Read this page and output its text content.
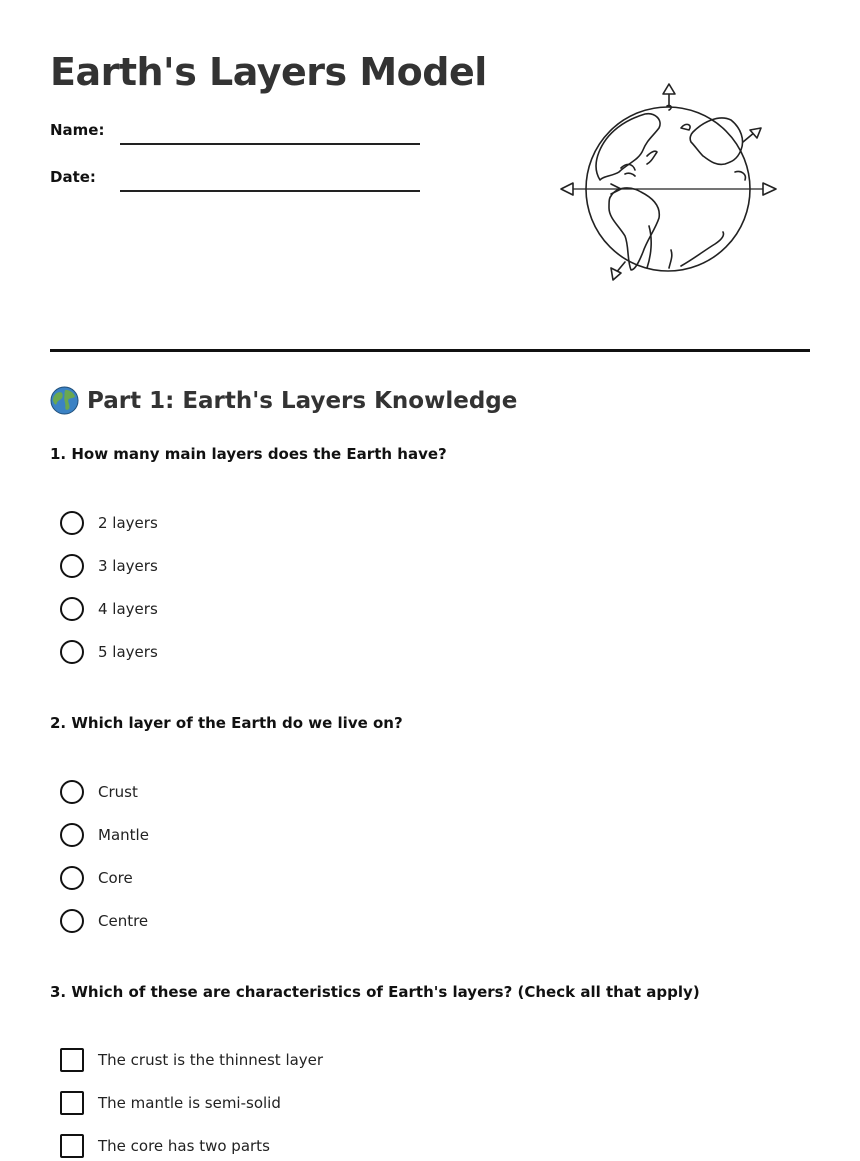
Earth's Layers Model
Name:
Date:
Part 1: Earth's Layers Knowledge

1. How many main layers does the Earth have?

2 layers
3 layers
4 layers
5 layers

2. Which layer of the Earth do we live on?

Crust
Mantle
Core
Centre

3. Which of these are characteristics of Earth's layers? (Check all that apply)

The crust is the thinnest layer
The mantle is semi-solid
The core has two parts
